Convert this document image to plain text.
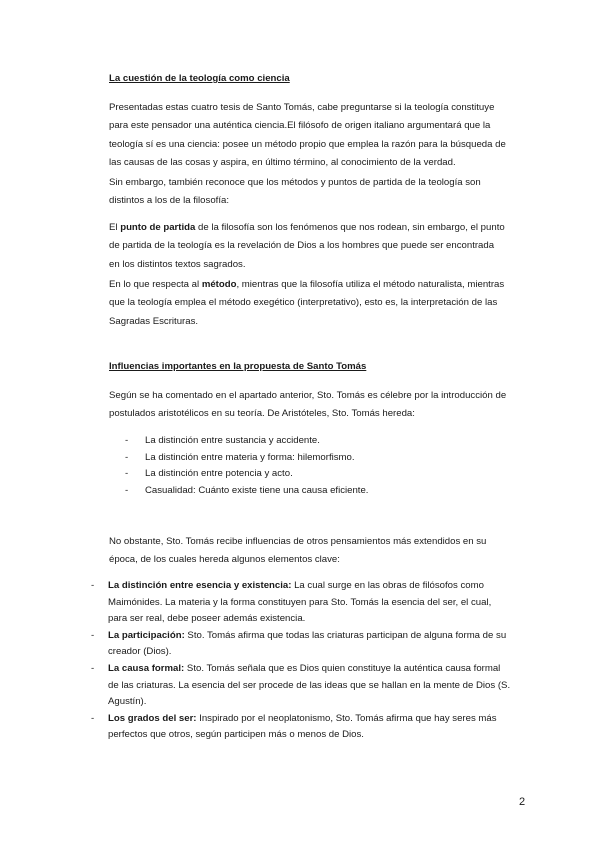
La cuestión de la teología como ciencia
Presentadas estas cuatro tesis de Santo Tomás, cabe preguntarse si la teología constituye para este pensador una auténtica ciencia.El filósofo de origen italiano argumentará que la teología sí es una ciencia: posee un método propio que emplea la razón para la búsqueda de las causas de las cosas y aspira, en último término, al conocimiento de la verdad.
Sin embargo, también reconoce que los métodos y puntos de partida de la teología son distintos a los de la filosofía:
El punto de partida de la filosofía son los fenómenos que nos rodean, sin embargo, el punto de partida de la teología es la revelación de Dios a los hombres que puede ser encontrada en los distintos textos sagrados.
En lo que respecta al método, mientras que la filosofía utiliza el método naturalista, mientras que la teología emplea el método exegético (interpretativo), esto es, la interpretación de las Sagradas Escrituras.
Influencias importantes en la propuesta de Santo Tomás
Según se ha comentado en el apartado anterior, Sto. Tomás es célebre por la introducción de postulados aristotélicos en su teoría. De Aristóteles, Sto. Tomás hereda:
-	La distinción entre sustancia y accidente.
-	La distinción entre materia y forma: hilemorfismo.
-	La distinción entre potencia y acto.
-	Casualidad: Cuánto existe tiene una causa eficiente.
No obstante, Sto. Tomás recibe influencias de otros pensamientos más extendidos en su época, de los cuales hereda algunos elementos clave:
-	La distinción entre esencia y existencia: La cual surge en las obras de filósofos como Maimónides. La materia y la forma constituyen para Sto. Tomás la esencia del ser, el cual, para ser real, debe poseer además existencia.
-	La participación: Sto. Tomás afirma que todas las criaturas participan de alguna forma de su creador (Dios).
-	La causa formal: Sto. Tomás señala que es Dios quien constituye la auténtica causa formal de las criaturas. La esencia del ser procede de las ideas que se hallan en la mente de Dios (S. Agustín).
-	Los grados del ser: Inspirado por el neoplatonismo, Sto. Tomás afirma que hay seres más perfectos que otros, según participen más o menos de Dios.
2
